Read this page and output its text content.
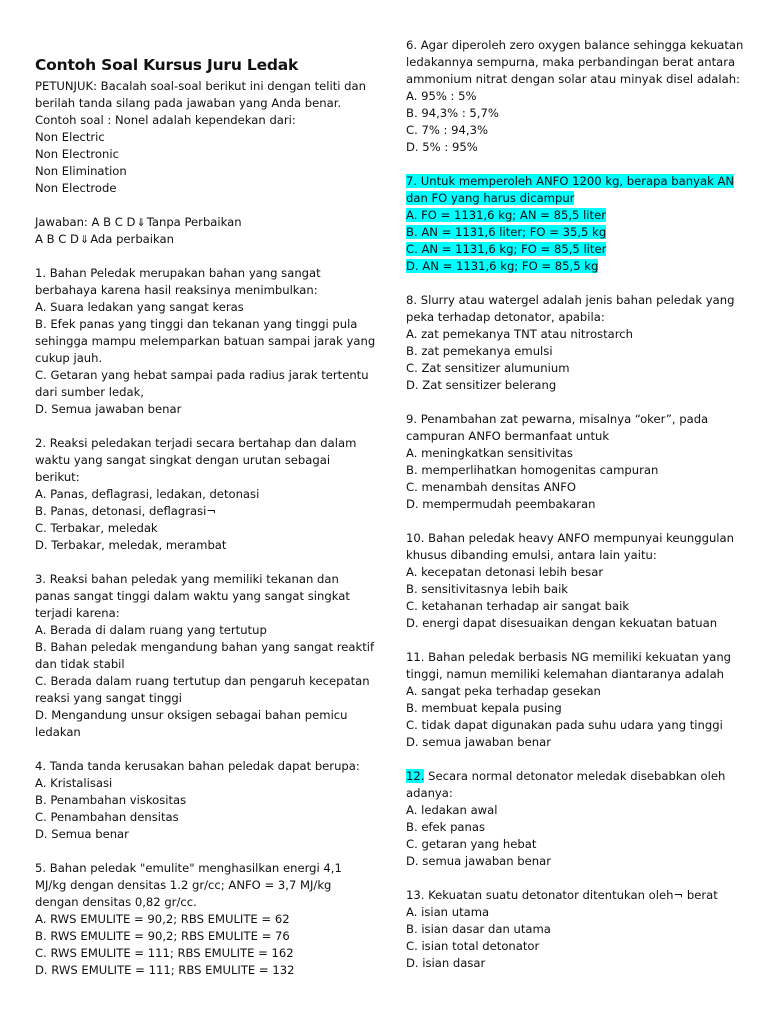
Contoh Soal Kursus Juru Ledak
PETUNJUK: Bacalah soal-soal berikut ini dengan teliti dan
berilah tanda silang pada jawaban yang Anda benar.
Contoh soal : Nonel adalah kependekan dari:
Non Electric
Non Electronic
Non Elimination
Non Electrode
Jawaban: A B C D⇓Tanpa Perbaikan
A B C D⇓Ada perbaikan
1. Bahan Peledak merupakan bahan yang sangat
berbahaya karena hasil reaksinya menimbulkan:
A. Suara ledakan yang sangat keras
B. Efek panas yang tinggi dan tekanan yang tinggi pula
sehingga mampu melemparkan batuan sampai jarak yang
cukup jauh.
C. Getaran yang hebat sampai pada radius jarak tertentu
dari sumber ledak,
D. Semua jawaban benar
2. Reaksi peledakan terjadi secara bertahap dan dalam
waktu yang sangat singkat dengan urutan sebagai
berikut:
A. Panas, deflagrasi, ledakan, detonasi
B. Panas, detonasi, deflagrasi¬
C. Terbakar, meledak
D. Terbakar, meledak, merambat
3. Reaksi bahan peledak yang memiliki tekanan dan
panas sangat tinggi dalam waktu yang sangat singkat
terjadi karena:
A. Berada di dalam ruang yang tertutup
B. Bahan peledak mengandung bahan yang sangat reaktif
dan tidak stabil
C. Berada dalam ruang tertutup dan pengaruh kecepatan
reaksi yang sangat tinggi
D. Mengandung unsur oksigen sebagai bahan pemicu
ledakan
4. Tanda tanda kerusakan bahan peledak dapat berupa:
A. Kristalisasi
B. Penambahan viskositas
C. Penambahan densitas
D. Semua benar
5. Bahan peledak "emulite" menghasilkan energi 4,1
MJ/kg dengan densitas 1.2 gr/cc; ANFO = 3,7 MJ/kg
dengan densitas 0,82 gr/cc.
A. RWS EMULITE = 90,2; RBS EMULITE = 62
B. RWS EMULITE = 90,2; RBS EMULITE = 76
C. RWS EMULITE = 111; RBS EMULITE = 162
D. RWS EMULITE = 111; RBS EMULITE = 132
6. Agar diperoleh zero oxygen balance sehingga kekuatan
ledakannya sempurna, maka perbandingan berat antara
ammonium nitrat dengan solar atau minyak disel adalah:
A. 95% : 5%
B. 94,3% : 5,7%
C. 7% : 94,3%
D. 5% : 95%
7. Untuk memperoleh ANFO 1200 kg, berapa banyak AN
dan FO yang harus dicampur
A. FO = 1131,6 kg; AN = 85,5 liter
B. AN = 1131,6 liter; FO = 35,5 kg
C. AN = 1131,6 kg; FO = 85,5 liter
D. AN = 1131,6 kg; FO = 85,5 kg
8. Slurry atau watergel adalah jenis bahan peledak yang
peka terhadap detonator, apabila:
A. zat pemekanya TNT atau nitrostarch
B. zat pemekanya emulsi
C. Zat sensitizer alumunium
D. Zat sensitizer belerang
9. Penambahan zat pewarna, misalnya “oker”, pada
campuran ANFO bermanfaat untuk
A. meningkatkan sensitivitas
B. memperlihatkan homogenitas campuran
C. menambah densitas ANFO
D. mempermudah peembakaran
10. Bahan peledak heavy ANFO mempunyai keunggulan
khusus dibanding emulsi, antara lain yaitu:
A. kecepatan detonasi lebih besar
B. sensitivitasnya lebih baik
C. ketahanan terhadap air sangat baik
D. energi dapat disesuaikan dengan kekuatan batuan
11. Bahan peledak berbasis NG memiliki kekuatan yang
tinggi, namun memiliki kelemahan diantaranya adalah
A. sangat peka terhadap gesekan
B. membuat kepala pusing
C. tidak dapat digunakan pada suhu udara yang tinggi
D. semua jawaban benar
12. Secara normal detonator meledak disebabkan oleh
adanya:
A. ledakan awal
B. efek panas
C. getaran yang hebat
D. semua jawaban benar
13. Kekuatan suatu detonator ditentukan oleh¬ berat
A. isian utama
B. isian dasar dan utama
C. isian total detonator
D. isian dasar
